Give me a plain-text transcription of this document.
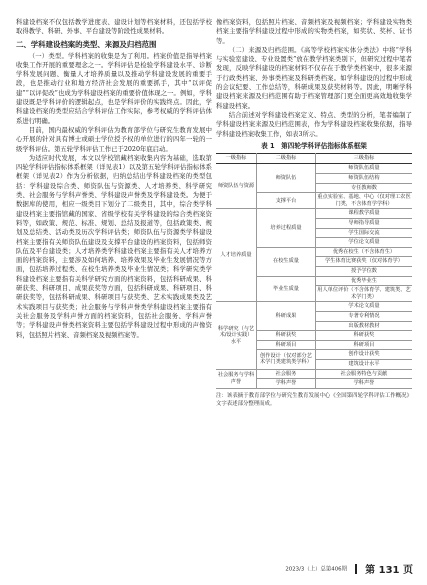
科建设档案不仅包括教学进度表、建设计划等档案材料，还包括学校取得教学、科研、外事、平台建设等阶段性成果材料。

二、学科建设档案的类型、来源及归档范围

（一）类型。学科档案的收集是为了利用。档案价值是指导档案收集工作开展的重要理念之一。学科评估是检验学科建设水平、诊断学科发展问题、衡量人才培养质量以及推动学科建设发展的重要手段，也是推动行业和地方经济社会发展的重要抓手，其中“以评促建”“以评促改”也成为学科建设档案的重要价值体现之一。例如，学科建设既是学科评价的逻辑起点，也是学科评价的实践终点。因此，学科建设档案的类型应结合学科评估工作实际，参考权威的学科评估体系进行明确。

目前，国内最权威的学科评估为教育部学位与研究生教育发展中心开展的针对具有博士或硕士学位授予权的单位进行的四年一轮的一级学科评估。第五轮学科评估工作已于2020年底启动。

为适应时代发展，本文以学校馆藏档案收集内容为基础，选取第四轮学科评估指标体系框架（详见表1）以及第五轮学科评估指标体系框架（详见表2）作为分析依据，归纳总结出学科建设档案的类型包括：学科建设综合类、师资队伍与资源类、人才培养类、科学研究类、社会服务与学科声誉类、学科建设声誉类及学科建设类。为便于数据库的使用，相应一级类目下划分了二级类目，其中，综合类学科建设档案主要指馆藏的国家、省级学校有关学科建设的综合类档案资料等，如政策、规范、标准、规划、总结及报道等，包括政策类、规划及总结类、活动类及历次学科评估类；师资队伍与资源类学科建设档案主要指有关师资队伍建设及支撑平台建设的档案资料，包括师资队伍及平台建设类；人才培养类学科建设档案主要指有关人才培养方面的档案资料，主要涉及如何培养、培养效果及毕业生发展情况等方面，包括培养过程类、在校生培养类及毕业生情况类；科学研究类学科建设档案主要指有关科学研究方面的档案资料，包括科研成果、科研获奖、科研项目、成果获奖等方面，包括科研成果、科研项目、科研获奖等，包括科研成果、科研项目与获奖类、艺术实践成果类及艺术实践项目与获奖类；社会服务与学科声誉类学科建设档案主要指有关社会服务及学科声誉方面的档案资料，包括社会服务、学科声誉等；学科建设声誉类档案资料主要包括学科建设过程中形成的声像资料，包括照片档案、音频档案及视频档案等。

像档案资料，包括照片档案、音频档案及视频档案；学科建设实物类档案主要指学科建设过程中形成的实物类档案，如奖状、奖杯、证书等。

（二）来源及归档范围。《高等学校档案实体分类法》中将“学科与实验室建设、专业设置类”放在教学档案类别下，但研究过程中笔者发现，反映学科建设的档案材料不仅存在于教学类档案中，很多来源于行政类档案、外事类档案及科研类档案。如学科建设的过程中形成的会议纪要、工作总结等，科研成果及获奖材料等。因此，明晰学科建设档案来源及归档范围有助于档案管理部门更全面更高效地收集学科建设档案。

结合前述对学科建设档案定义、特点、类型的分析，笔者编制了学科建设档案来源及归档范围表，作为学科建设档案收集依据，指导学科建设档案收集工作，如表3所示。

表 1　第四轮学科评估指标体系框架
一级指标	二级指标	三级指标
师资队伍与资源	师资队伍	师资队伍质量
		师资队伍结构
		专任教师数
	支撑平台	重点实验室、基地、中心（仅对理工农医门类，不含体育学学科）
人才培养质量	培养过程质量	课程教学质量
		导师指导质量
		学生国际交流
		学位论文质量
	在校生质量	优秀在校生（不含体育生）
		学生体育比赛获奖（仅对体育学）
		授予学位数
	毕业生质量	优秀毕业生
		用人单位评价（不含体育学、建筑类、艺术学门类）
科学研究（与艺术/设计实践）水平	科研成果	学术论文质量
		专著专利情况
		出版教材教材
	科研获奖	科研获奖
	科研项目	科研项目
	创作设计（仅对部分艺术学门类建筑类学科）	创作设计获奖
		建筑设计水平
社会服务与学科声誉	社会服务	社会服务特色与贡献
	学科声誉	学科声誉
注：该表摘于教育部学位与研究生教育发展中心《全国第四轮学科评估工作概况》文字表述部分整理而成。
2023/3（上）总第406期 第 131 页
